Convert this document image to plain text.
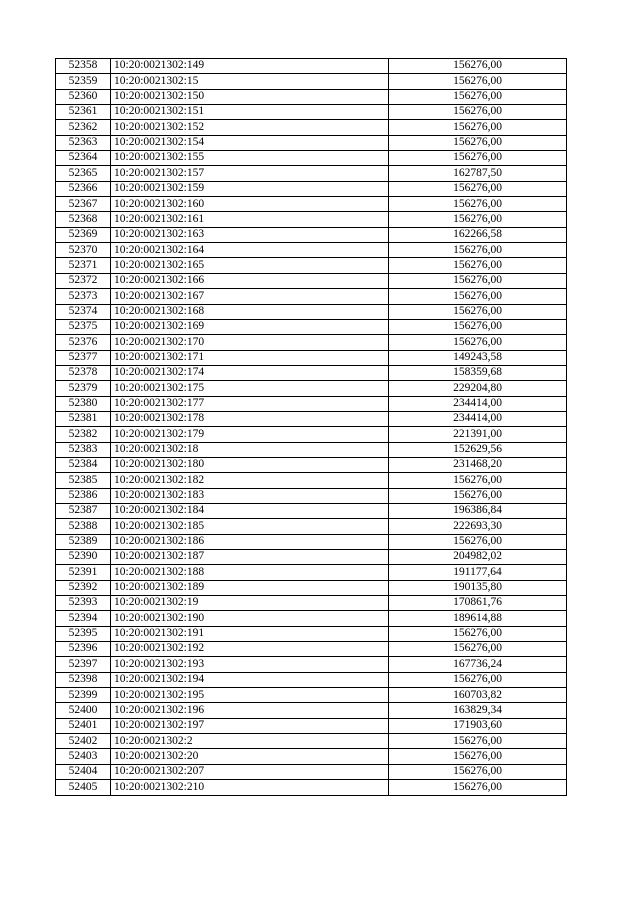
52358	10:20:0021302:149	156276,00
52359	10:20:0021302:15	156276,00
52360	10:20:0021302:150	156276,00
52361	10:20:0021302:151	156276,00
52362	10:20:0021302:152	156276,00
52363	10:20:0021302:154	156276,00
52364	10:20:0021302:155	156276,00
52365	10:20:0021302:157	162787,50
52366	10:20:0021302:159	156276,00
52367	10:20:0021302:160	156276,00
52368	10:20:0021302:161	156276,00
52369	10:20:0021302:163	162266,58
52370	10:20:0021302:164	156276,00
52371	10:20:0021302:165	156276,00
52372	10:20:0021302:166	156276,00
52373	10:20:0021302:167	156276,00
52374	10:20:0021302:168	156276,00
52375	10:20:0021302:169	156276,00
52376	10:20:0021302:170	156276,00
52377	10:20:0021302:171	149243,58
52378	10:20:0021302:174	158359,68
52379	10:20:0021302:175	229204,80
52380	10:20:0021302:177	234414,00
52381	10:20:0021302:178	234414,00
52382	10:20:0021302:179	221391,00
52383	10:20:0021302:18	152629,56
52384	10:20:0021302:180	231468,20
52385	10:20:0021302:182	156276,00
52386	10:20:0021302:183	156276,00
52387	10:20:0021302:184	196386,84
52388	10:20:0021302:185	222693,30
52389	10:20:0021302:186	156276,00
52390	10:20:0021302:187	204982,02
52391	10:20:0021302:188	191177,64
52392	10:20:0021302:189	190135,80
52393	10:20:0021302:19	170861,76
52394	10:20:0021302:190	189614,88
52395	10:20:0021302:191	156276,00
52396	10:20:0021302:192	156276,00
52397	10:20:0021302:193	167736,24
52398	10:20:0021302:194	156276,00
52399	10:20:0021302:195	160703,82
52400	10:20:0021302:196	163829,34
52401	10:20:0021302:197	171903,60
52402	10:20:0021302:2	156276,00
52403	10:20:0021302:20	156276,00
52404	10:20:0021302:207	156276,00
52405	10:20:0021302:210	156276,00
